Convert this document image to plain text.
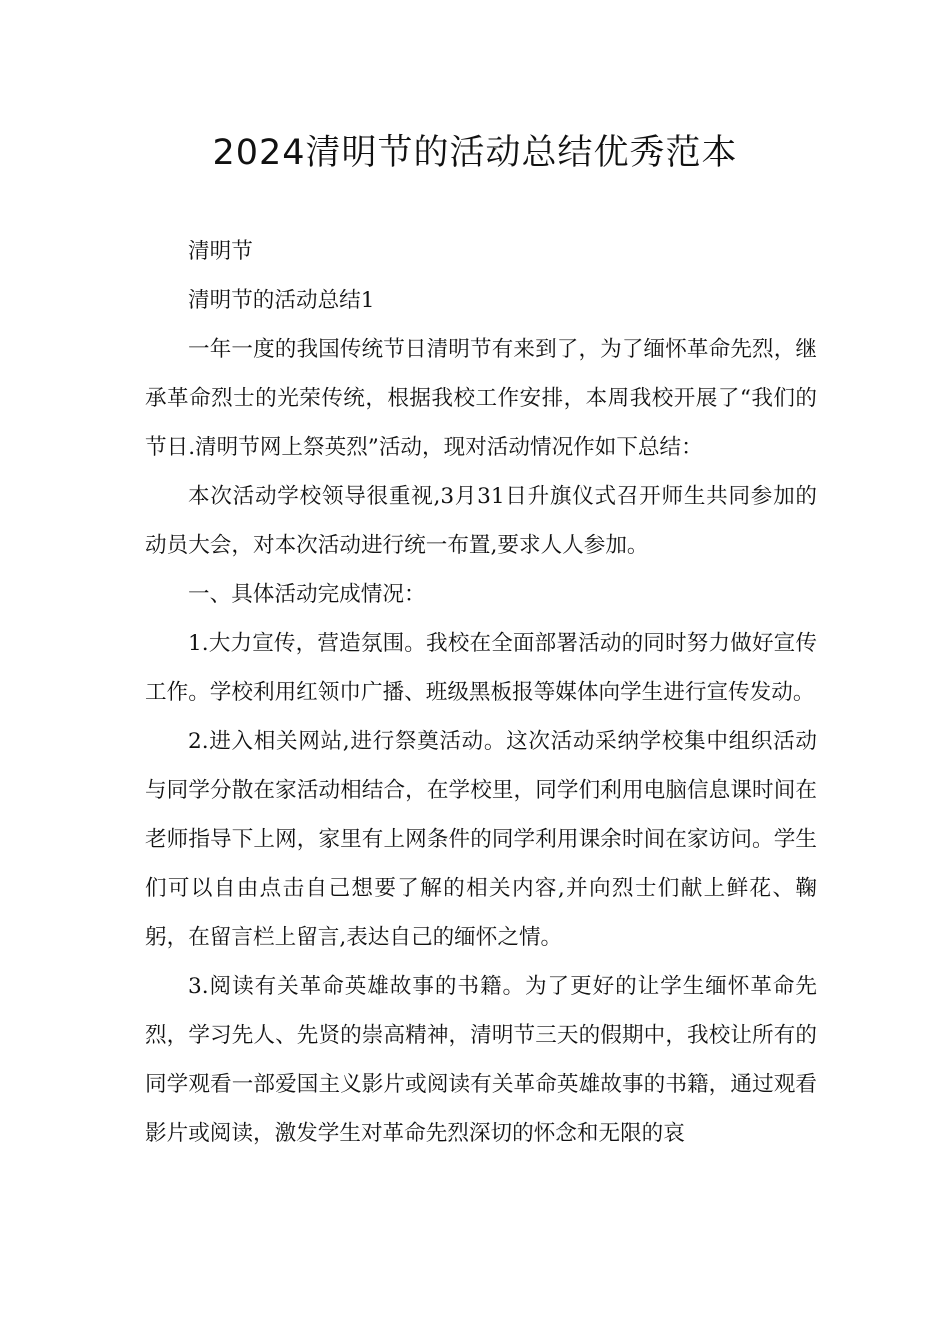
2024清明节的活动总结优秀范本

清明节

清明节的活动总结1

一年一度的我国传统节日清明节有来到了，为了缅怀革命先烈，继承革命烈士的光荣传统，根据我校工作安排，本周我校开展了“我们的节日.清明节网上祭英烈”活动，现对活动情况作如下总结：

本次活动学校领导很重视,3月31日升旗仪式召开师生共同参加的动员大会，对本次活动进行统一布置,要求人人参加。

一、具体活动完成情况：

1.大力宣传，营造氛围。我校在全面部署活动的同时努力做好宣传工作。学校利用红领巾广播、班级黑板报等媒体向学生进行宣传发动。

2.进入相关网站,进行祭奠活动。这次活动采纳学校集中组织活动与同学分散在家活动相结合，在学校里，同学们利用电脑信息课时间在老师指导下上网，家里有上网条件的同学利用课余时间在家访问。学生们可以自由点击自己想要了解的相关内容,并向烈士们献上鲜花、鞠躬，在留言栏上留言,表达自己的缅怀之情。

3.阅读有关革命英雄故事的书籍。为了更好的让学生缅怀革命先烈，学习先人、先贤的崇高精神，清明节三天的假期中，我校让所有的同学观看一部爱国主义影片或阅读有关革命英雄故事的书籍，通过观看影片或阅读，激发学生对革命先烈深切的怀念和无限的哀
